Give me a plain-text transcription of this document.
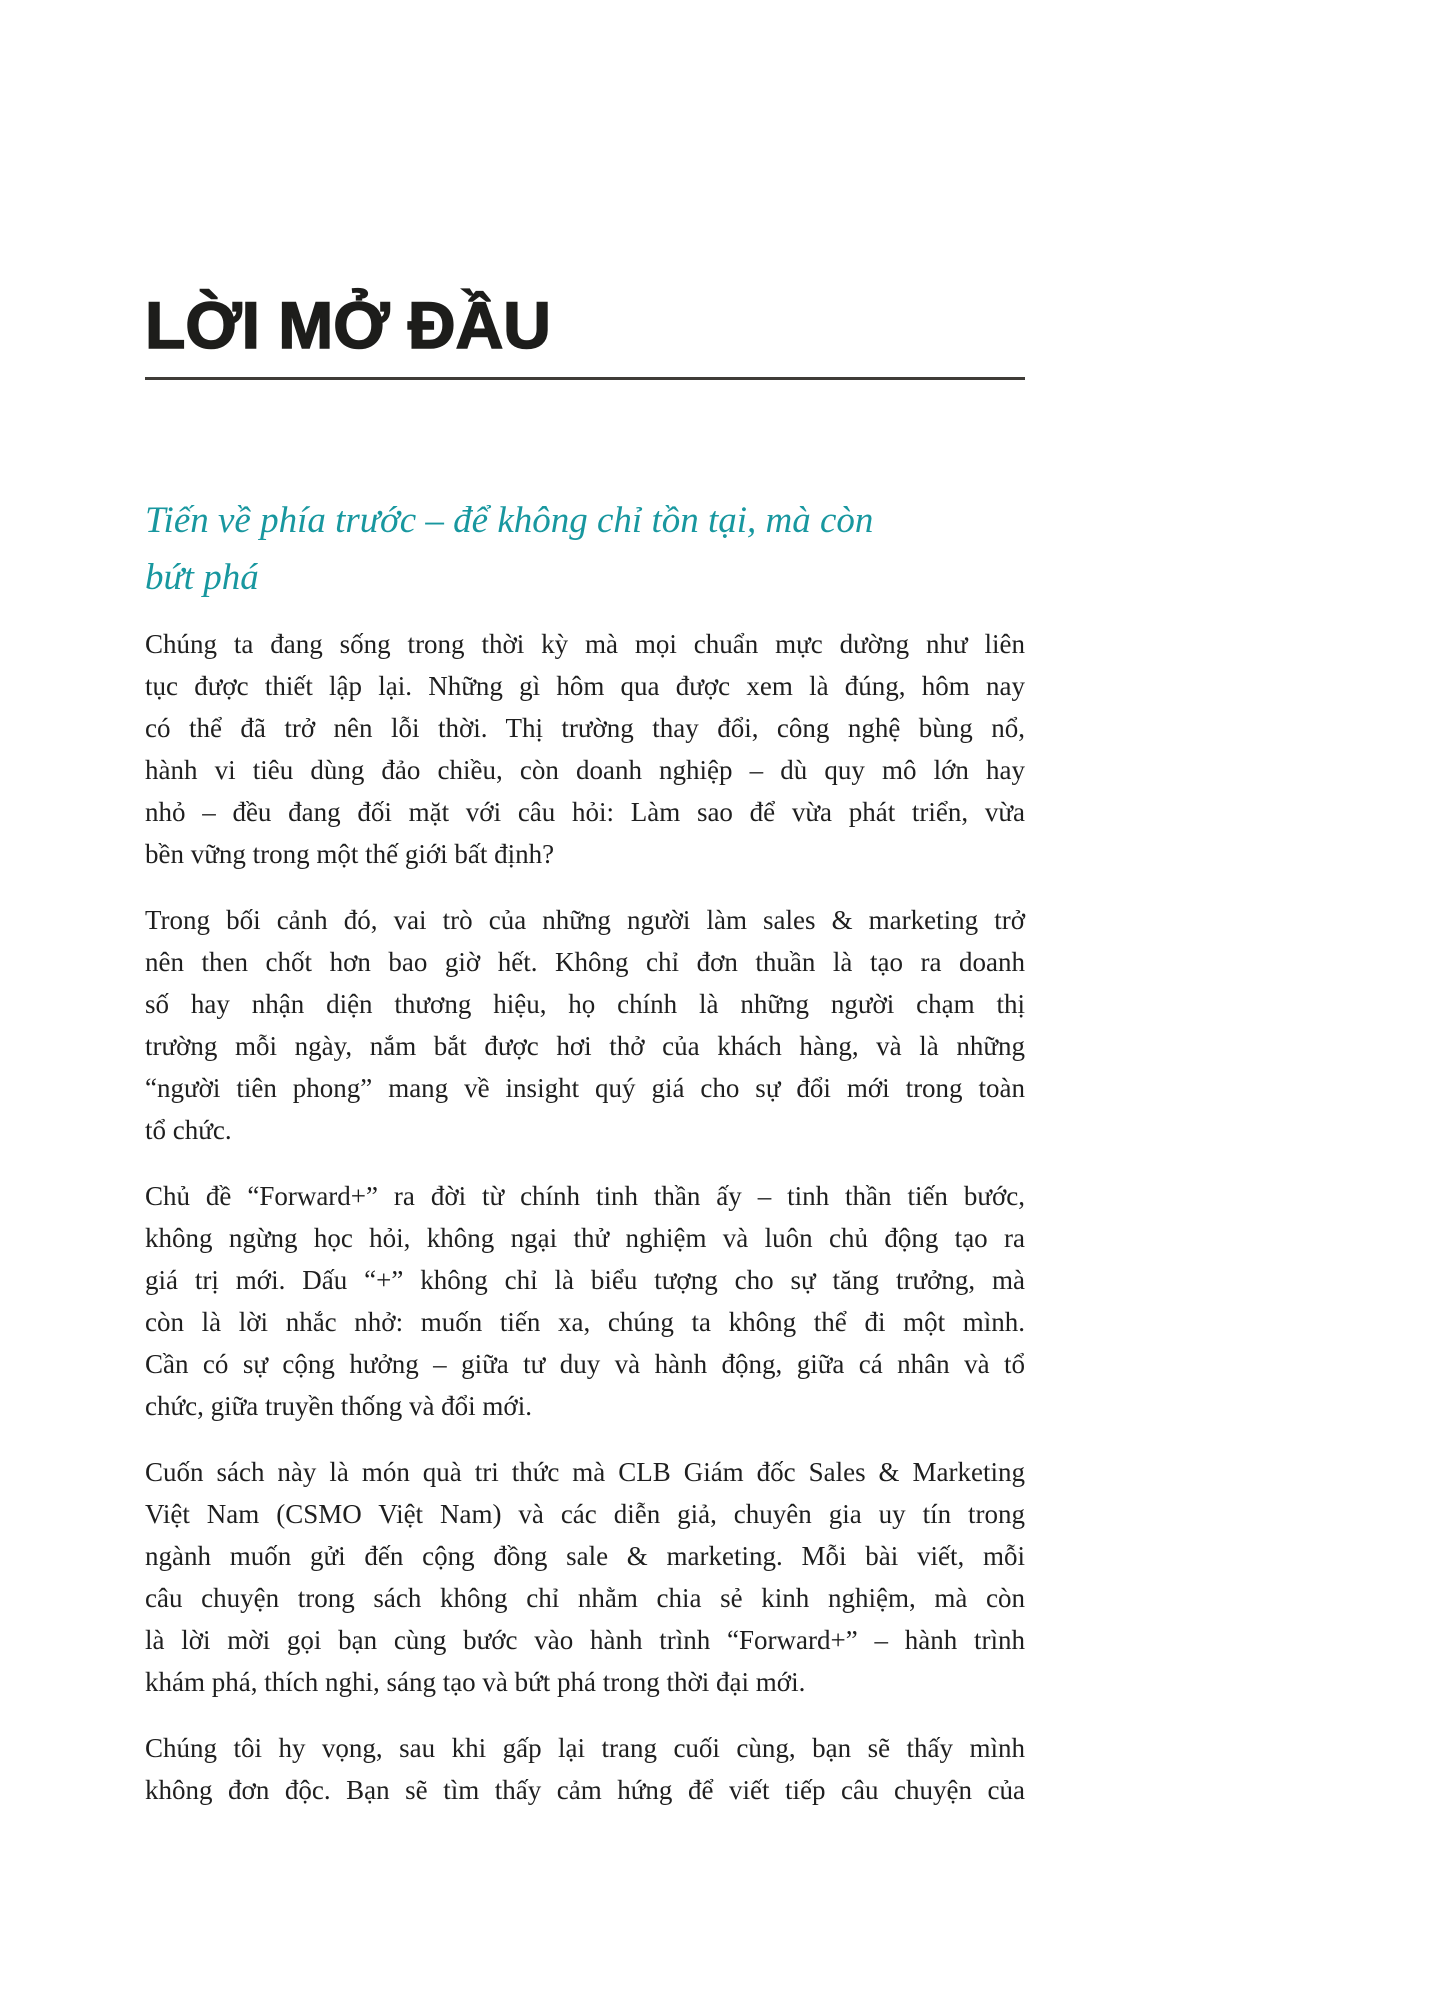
LỜI MỞ ĐẦU
Tiến về phía trước – để không chỉ tồn tại, mà còn
bứt phá
Chúng ta đang sống trong thời kỳ mà mọi chuẩn mực dường như liên
tục được thiết lập lại. Những gì hôm qua được xem là đúng, hôm nay
có thể đã trở nên lỗi thời. Thị trường thay đổi, công nghệ bùng nổ,
hành vi tiêu dùng đảo chiều, còn doanh nghiệp – dù quy mô lớn hay
nhỏ – đều đang đối mặt với câu hỏi: Làm sao để vừa phát triển, vừa
bền vững trong một thế giới bất định?
Trong bối cảnh đó, vai trò của những người làm sales & marketing trở
nên then chốt hơn bao giờ hết. Không chỉ đơn thuần là tạo ra doanh
số hay nhận diện thương hiệu, họ chính là những người chạm thị
trường mỗi ngày, nắm bắt được hơi thở của khách hàng, và là những
“người tiên phong” mang về insight quý giá cho sự đổi mới trong toàn
tổ chức.
Chủ đề “Forward+” ra đời từ chính tinh thần ấy – tinh thần tiến bước,
không ngừng học hỏi, không ngại thử nghiệm và luôn chủ động tạo ra
giá trị mới. Dấu “+” không chỉ là biểu tượng cho sự tăng trưởng, mà
còn là lời nhắc nhở: muốn tiến xa, chúng ta không thể đi một mình.
Cần có sự cộng hưởng – giữa tư duy và hành động, giữa cá nhân và tổ
chức, giữa truyền thống và đổi mới.
Cuốn sách này là món quà tri thức mà CLB Giám đốc Sales & Marketing
Việt Nam (CSMO Việt Nam) và các diễn giả, chuyên gia uy tín trong
ngành muốn gửi đến cộng đồng sale & marketing. Mỗi bài viết, mỗi
câu chuyện trong sách không chỉ nhằm chia sẻ kinh nghiệm, mà còn
là lời mời gọi bạn cùng bước vào hành trình “Forward+” – hành trình
khám phá, thích nghi, sáng tạo và bứt phá trong thời đại mới.
Chúng tôi hy vọng, sau khi gấp lại trang cuối cùng, bạn sẽ thấy mình
không đơn độc. Bạn sẽ tìm thấy cảm hứng để viết tiếp câu chuyện của
